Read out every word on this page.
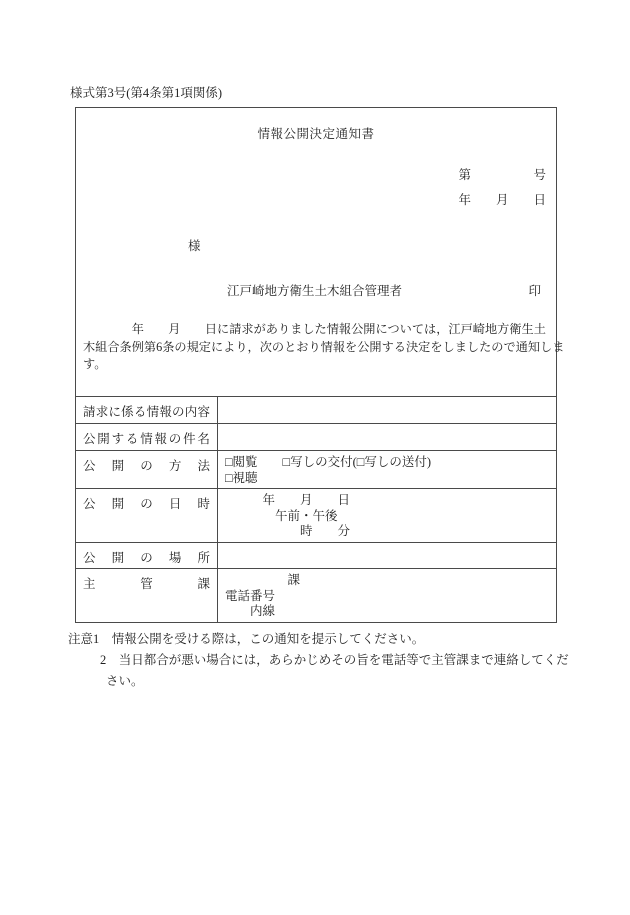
様式第3号(第4条第1項関係)
情報公開決定通知書
第　　　　　号
年　　月　　日
様
江戸崎地方衛生土木組合管理者	印
　　　　年　　月　　日に請求がありました情報公開については，江戸崎地方衛生土
木組合条例第6条の規定により，次のとおり情報を公開する決定をしましたので通知しま
す。
請 求 に 係 る 情 報 の 内 容
公 開 す る 情 報 の 件 名
公 開 の 方 法 □閲覧　　□写しの交付(□写しの送付)
□視聴
公 開 の 日 時 　　　年　　月　　日
　　　　午前・午後
　　　　　　時　　分
公 開 の 場 所
主	管	課 　　　　　課
電話番号
　　内線
注意1　情報公開を受ける際は，この通知を提示してください。
2　当日都合が悪い場合には，あらかじめその旨を電話等で主管課まで連絡してくだ
さい。
